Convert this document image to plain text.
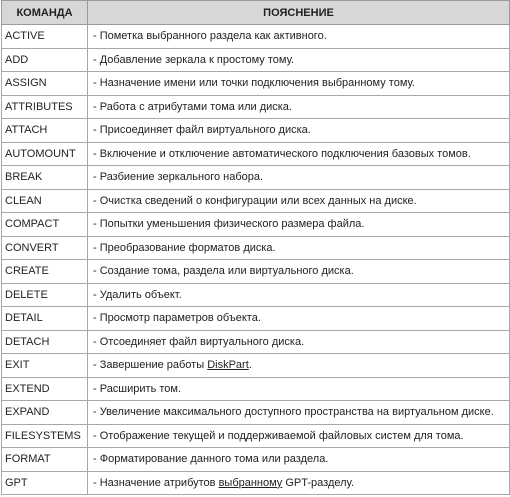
КОМАНДА	ПОЯСНЕНИЕ
ACTIVE	- Пометка выбранного раздела как активного.
ADD	- Добавление зеркала к простому тому.
ASSIGN	- Назначение имени или точки подключения выбранному тому.
ATTRIBUTES	- Работа с атрибутами тома или диска.
ATTACH	- Присоединяет файл виртуального диска.
AUTOMOUNT	- Включение и отключение автоматического подключения базовых томов.
BREAK	- Разбиение зеркального набора.
CLEAN	- Очистка сведений о конфигурации или всех данных на диске.
COMPACT	- Попытки уменьшения физического размера файла.
CONVERT	- Преобразование форматов диска.
CREATE	- Создание тома, раздела или виртуального диска.
DELETE	- Удалить объект.
DETAIL	- Просмотр параметров объекта.
DETACH	- Отсоединяет файл виртуального диска.
EXIT	- Завершение работы DiskPart.
EXTEND	- Расширить том.
EXPAND	- Увеличение максимального доступного пространства на виртуальном диске.
FILESYSTEMS	- Отображение текущей и поддерживаемой файловых систем для тома.
FORMAT	- Форматирование данного тома или раздела.
GPT	- Назначение атрибутов выбранному GPT-разделу.
